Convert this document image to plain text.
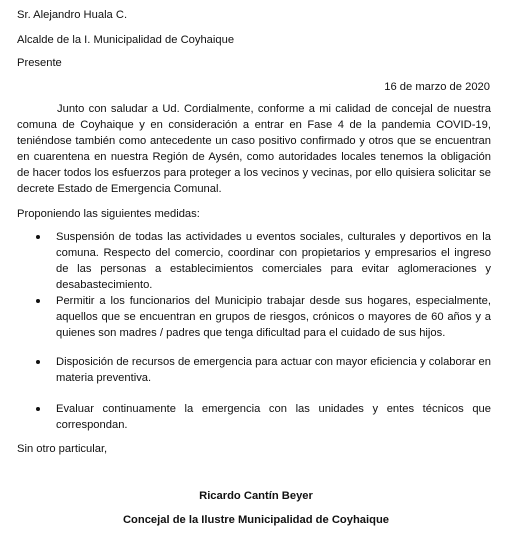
Sr. Alejandro Huala C.
Alcalde de la I. Municipalidad de Coyhaique
Presente
16 de marzo de 2020
Junto con saludar a Ud. Cordialmente, conforme a mi calidad de concejal de nuestra comuna de Coyhaique y en consideración a entrar en Fase 4 de la pandemia COVID-19, teniéndose también como antecedente un caso positivo confirmado y otros que se encuentran en cuarentena en nuestra Región de Aysén, como autoridades locales tenemos la obligación de hacer todos los esfuerzos para proteger a los vecinos y vecinas, por ello quisiera solicitar se decrete Estado de Emergencia Comunal.
Proponiendo las siguientes medidas:
Suspensión de todas las actividades u eventos sociales, culturales y deportivos en la comuna. Respecto del comercio, coordinar con propietarios y empresarios el ingreso de las personas a establecimientos comerciales para evitar aglomeraciones y desabastecimiento.
Permitir a los funcionarios del Municipio trabajar desde sus hogares, especialmente, aquellos que se encuentran en grupos de riesgos, crónicos o mayores de 60 años y a quienes son madres / padres que tenga dificultad para el cuidado de sus hijos.
Disposición de recursos de emergencia para actuar con mayor eficiencia y colaborar en materia preventiva.
Evaluar continuamente la emergencia con las unidades y entes técnicos que correspondan.
Sin otro particular,
Ricardo Cantín Beyer
Concejal de la Ilustre Municipalidad de Coyhaique
